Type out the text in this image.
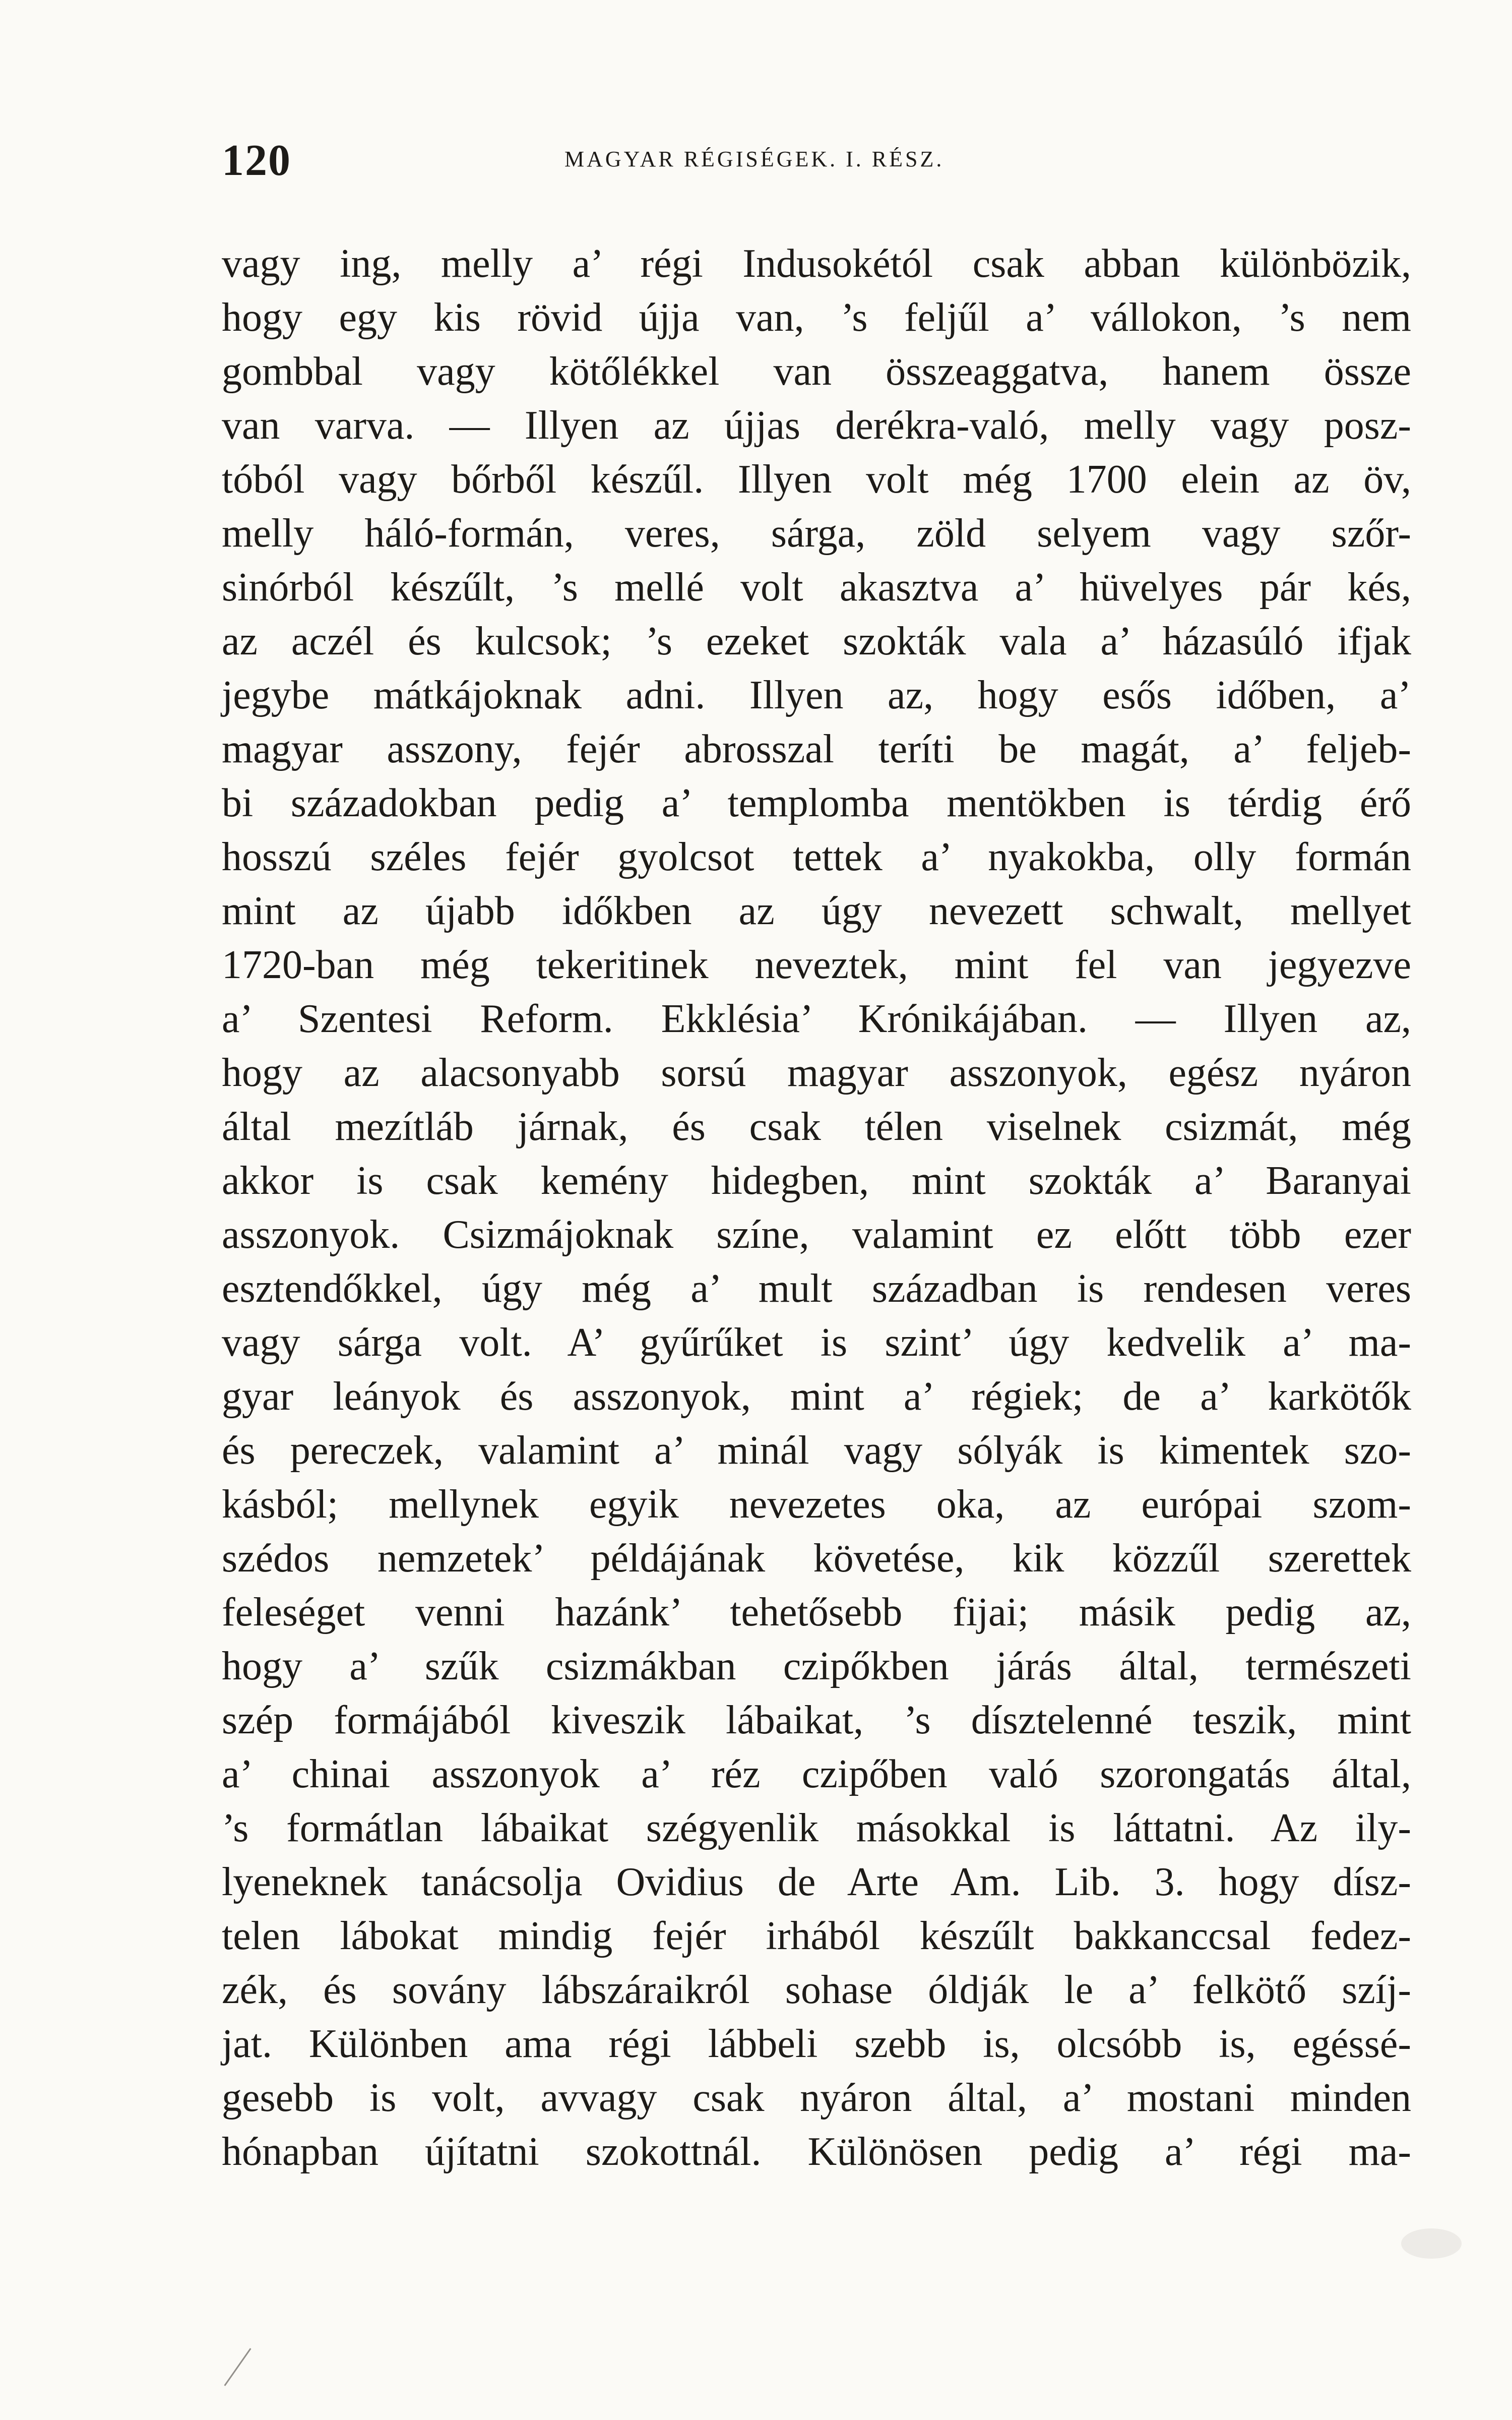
120	MAGYAR RÉGISÉGEK. I. RÉSZ.
vagy ing, melly a’ régi Indusokétól csak abban különbözik,
hogy egy kis rövid újja van, ’s feljűl a’ vállokon, ’s nem
gombbal vagy kötőlékkel van összeaggatva, hanem össze
van varva. — Illyen az újjas derékra-való, melly vagy posz-
tóból vagy bőrből készűl. Illyen volt még 1700 elein az öv,
melly háló-formán, veres, sárga, zöld selyem vagy szőr-
sinórból készűlt, ’s mellé volt akasztva a’ hüvelyes pár kés,
az aczél és kulcsok; ’s ezeket szokták vala a’ házasúló ifjak
jegybe mátkájoknak adni. Illyen az, hogy esős időben, a’
magyar asszony, fejér abrosszal teríti be magát, a’ feljeb-
bi századokban pedig a’ templomba mentökben is térdig érő
hosszú széles fejér gyolcsot tettek a’ nyakokba, olly formán
mint az újabb időkben az úgy nevezett schwalt, mellyet
1720-ban még tekeritinek neveztek, mint fel van jegyezve
a’ Szentesi Reform. Ekklésia’ Krónikájában. — Illyen az,
hogy az alacsonyabb sorsú magyar asszonyok, egész nyáron
által mezítláb járnak, és csak télen viselnek csizmát, még
akkor is csak kemény hidegben, mint szokták a’ Baranyai
asszonyok. Csizmájoknak színe, valamint ez előtt több ezer
esztendőkkel, úgy még a’ mult században is rendesen veres
vagy sárga volt. A’ gyűrűket is szint’ úgy kedvelik a’ ma-
gyar leányok és asszonyok, mint a’ régiek; de a’ karkötők
és pereczek, valamint a’ minál vagy sólyák is kimentek szo-
kásból; mellynek egyik nevezetes oka, az európai szom-
szédos nemzetek’ példájának követése, kik közzűl szerettek
feleséget venni hazánk’ tehetősebb fijai; másik pedig az,
hogy a’ szűk csizmákban czipőkben járás által, természeti
szép formájából kiveszik lábaikat, ’s dísztelenné teszik, mint
a’ chinai asszonyok a’ réz czipőben való szorongatás által,
’s formátlan lábaikat szégyenlik másokkal is láttatni. Az ily-
lyeneknek tanácsolja Ovidius de Arte Am. Lib. 3. hogy dísz-
telen lábokat mindig fejér irhából készűlt bakkanccsal fedez-
zék, és sovány lábszáraikról sohase óldják le a’ felkötő szíj-
jat. Különben ama régi lábbeli szebb is, olcsóbb is, egéssé-
gesebb is volt, avvagy csak nyáron által, a’ mostani minden
hónapban újítatni szokottnál. Különösen pedig a’ régi ma-
